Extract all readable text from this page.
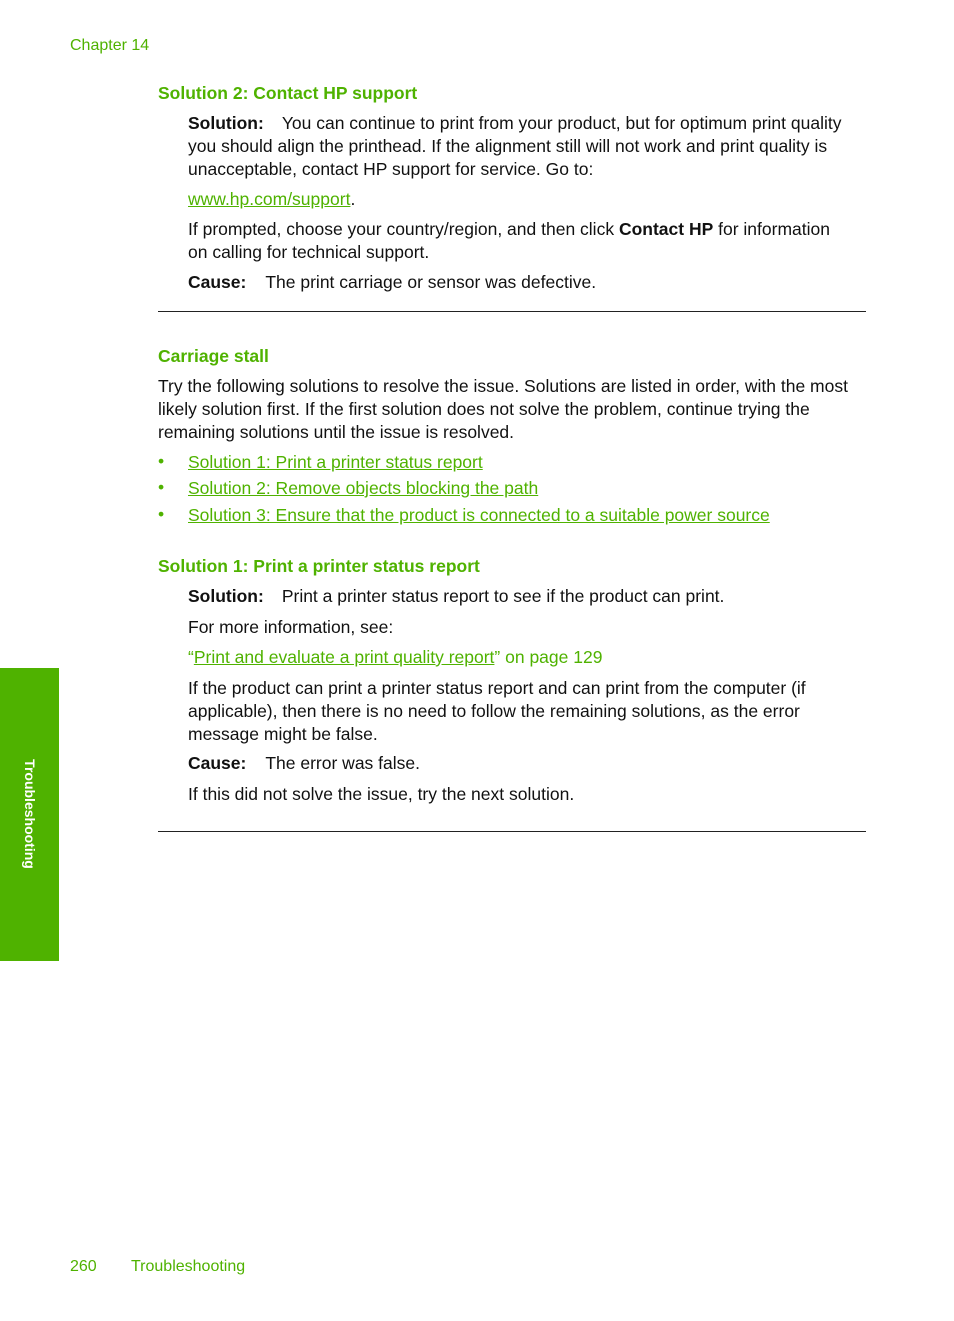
Chapter 14
Solution 2: Contact HP support
Solution: You can continue to print from your product, but for optimum print quality
you should align the printhead. If the alignment still will not work and print quality is
unacceptable, contact HP support for service. Go to:
www.hp.com/support.
If prompted, choose your country/region, and then click Contact HP for information
on calling for technical support.
Cause: The print carriage or sensor was defective.
Carriage stall
Try the following solutions to resolve the issue. Solutions are listed in order, with the most
likely solution first. If the first solution does not solve the problem, continue trying the
remaining solutions until the issue is resolved.
• Solution 1: Print a printer status report
• Solution 2: Remove objects blocking the path
• Solution 3: Ensure that the product is connected to a suitable power source
Solution 1: Print a printer status report
Solution: Print a printer status report to see if the product can print.
For more information, see:
“Print and evaluate a print quality report” on page 129
If the product can print a printer status report and can print from the computer (if
applicable), then there is no need to follow the remaining solutions, as the error
message might be false.
Cause: The error was false.
If this did not solve the issue, try the next solution.
Troubleshooting
260 Troubleshooting
